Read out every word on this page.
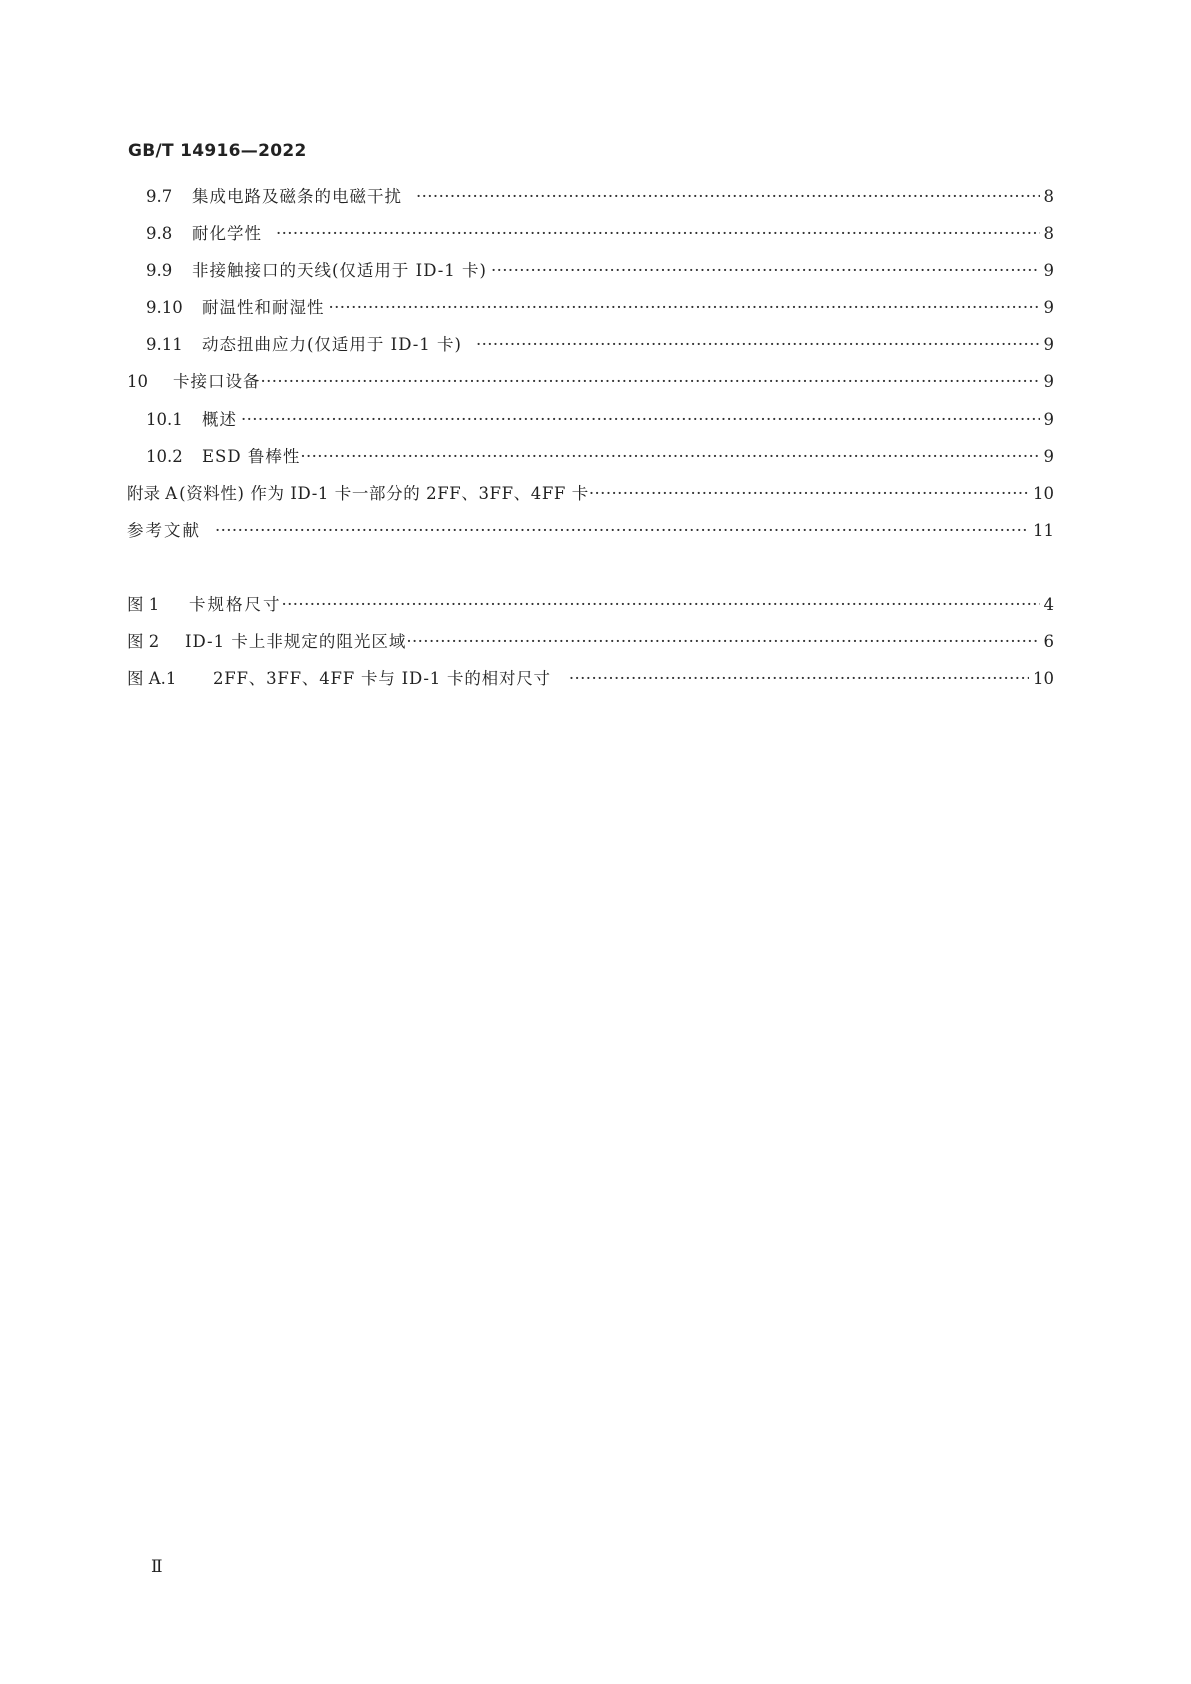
GB/T 14916—2022
9.7	集成电路及磁条的电磁干扰 ·····	8
9.8	耐化学性 ·····	8
9.9	非接触接口的天线(仅适用于 ID-1 卡) ·····	9
9.10	耐温性和耐湿性 ·····	9
9.11	动态扭曲应力(仅适用于 ID-1 卡) ·····	9
10	卡接口设备 ·····	9
10.1	概述 ·····	9
10.2	ESD 鲁棒性 ·····	9
附录 A (资料性) 作为 ID-1 卡一部分的 2FF、3FF、4FF 卡 ·····	10
参考文献 ·····	11
图 1	卡规格尺寸 ·····	4
图 2	ID-1 卡上非规定的阻光区域 ·····	6
图 A.1	2FF、3FF、4FF 卡与 ID-1 卡的相对尺寸 ·····	10
Ⅱ
